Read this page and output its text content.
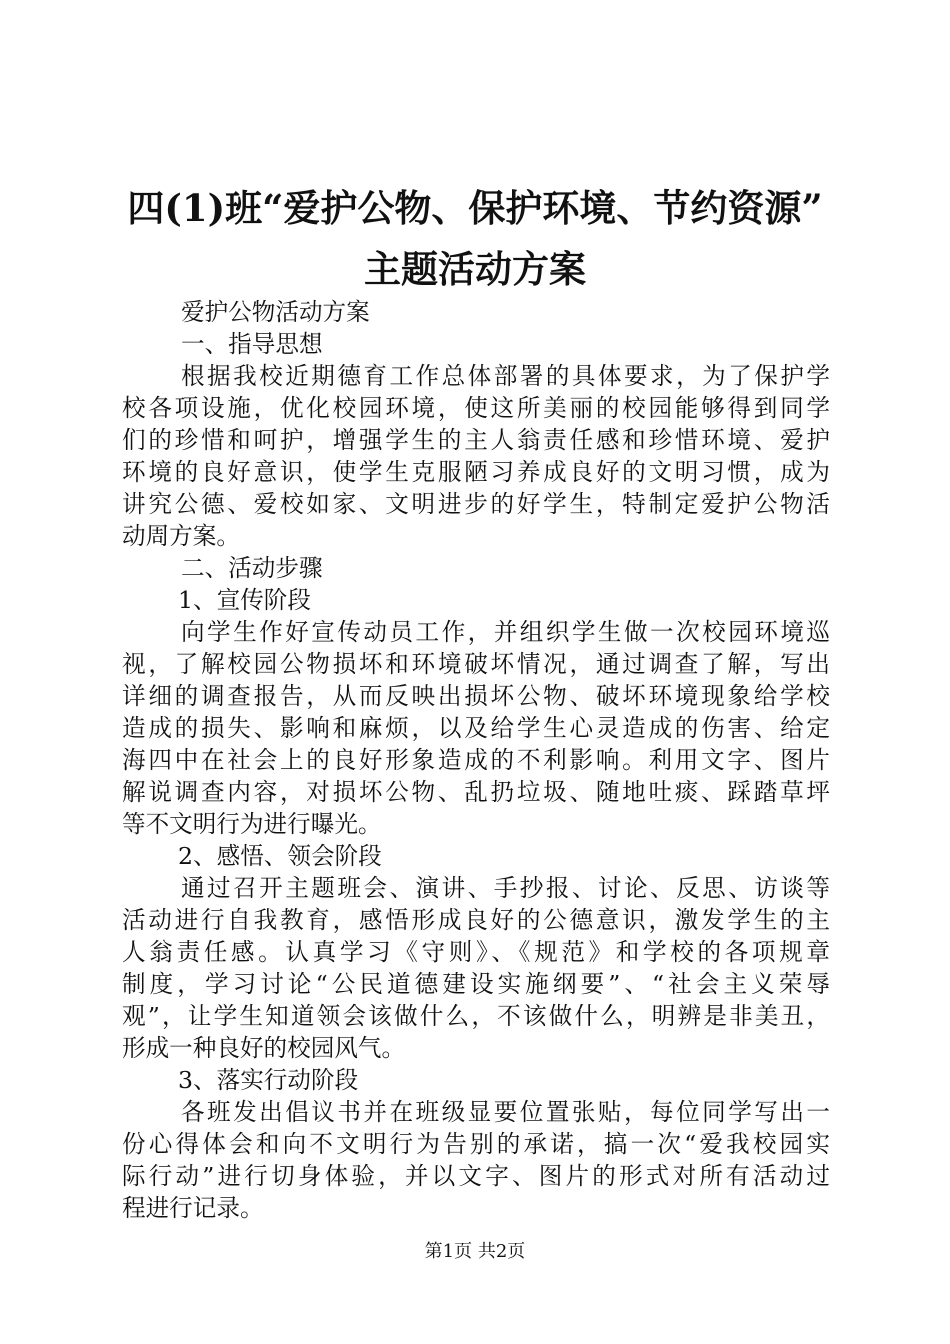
四(1)班“爱护公物、保护环境、节约资源”
主题活动方案
爱护公物活动方案
一、指导思想
根据我校近期德育工作总体部署的具体要求，为了保护学
校各项设施，优化校园环境，使这所美丽的校园能够得到同学
们的珍惜和呵护，增强学生的主人翁责任感和珍惜环境、爱护
环境的良好意识，使学生克服陋习养成良好的文明习惯，成为
讲究公德、爱校如家、文明进步的好学生，特制定爱护公物活
动周方案。
二、活动步骤
1、宣传阶段
向学生作好宣传动员工作，并组织学生做一次校园环境巡
视，了解校园公物损坏和环境破坏情况，通过调查了解，写出
详细的调查报告，从而反映出损坏公物、破坏环境现象给学校
造成的损失、影响和麻烦，以及给学生心灵造成的伤害、给定
海四中在社会上的良好形象造成的不利影响。利用文字、图片
解说调查内容，对损坏公物、乱扔垃圾、随地吐痰、踩踏草坪
等不文明行为进行曝光。
2、感悟、领会阶段
通过召开主题班会、演讲、手抄报、讨论、反思、访谈等
活动进行自我教育，感悟形成良好的公德意识，激发学生的主
人翁责任感。认真学习《守则》、《规范》和学校的各项规章
制度，学习讨论“公民道德建设实施纲要”、“社会主义荣辱
观”，让学生知道领会该做什么，不该做什么，明辨是非美丑，
形成一种良好的校园风气。
3、落实行动阶段
各班发出倡议书并在班级显要位置张贴，每位同学写出一
份心得体会和向不文明行为告别的承诺，搞一次“爱我校园实
际行动”进行切身体验，并以文字、图片的形式对所有活动过
程进行记录。
第1页 共2页
